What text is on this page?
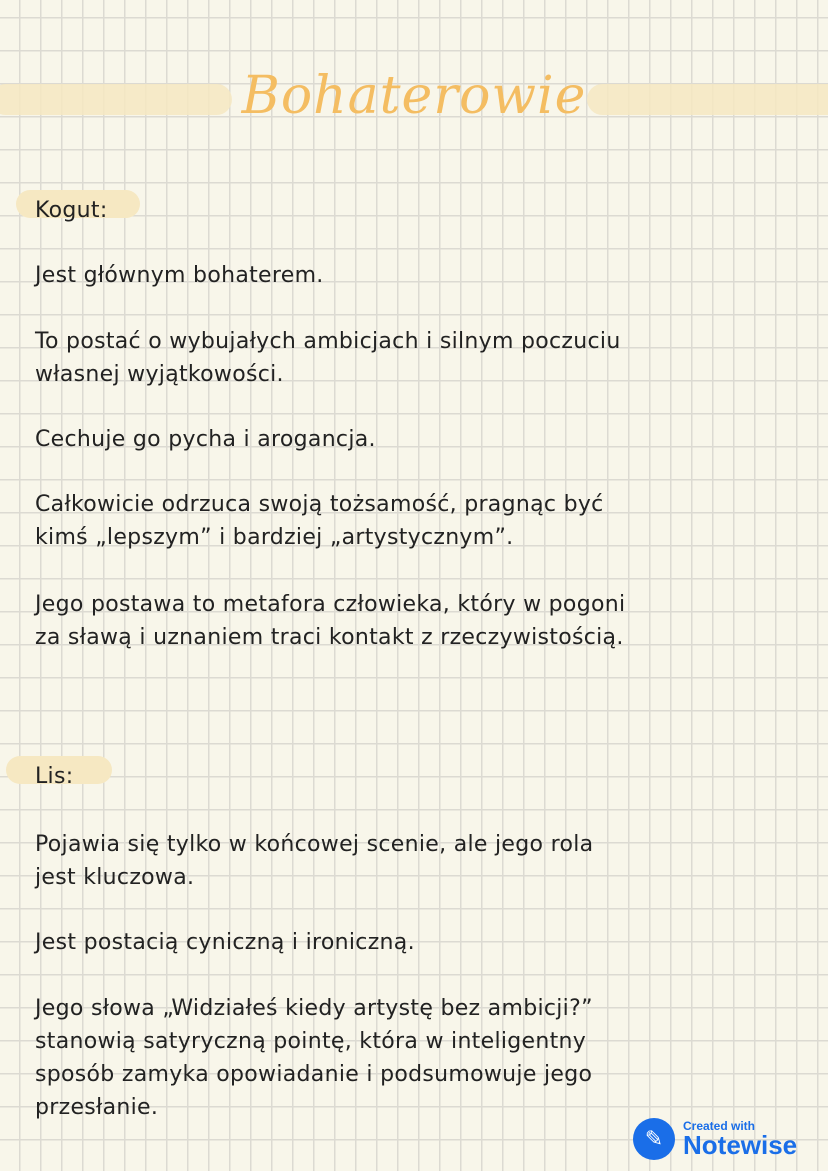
Bohaterowie
Kogut:
Jest głównym bohaterem.
To postać o wybujałych ambicjach i silnym poczuciu
własnej wyjątkowości.
Cechuje go pycha i arogancja.
Całkowicie odrzuca swoją tożsamość, pragnąc być
kimś „lepszym” i bardziej „artystycznym”.
Jego postawa to metafora człowieka, który w pogoni
za sławą i uznaniem traci kontakt z rzeczywistością.
Lis:
Pojawia się tylko w końcowej scenie, ale jego rola
jest kluczowa.
Jest postacią cyniczną i ironiczną.
Jego słowa „Widziałeś kiedy artystę bez ambicji?”
stanowią satyryczną pointę, która w inteligentny
sposób zamyka opowiadanie i podsumowuje jego
przesłanie.
✎
Created with
Notewise
